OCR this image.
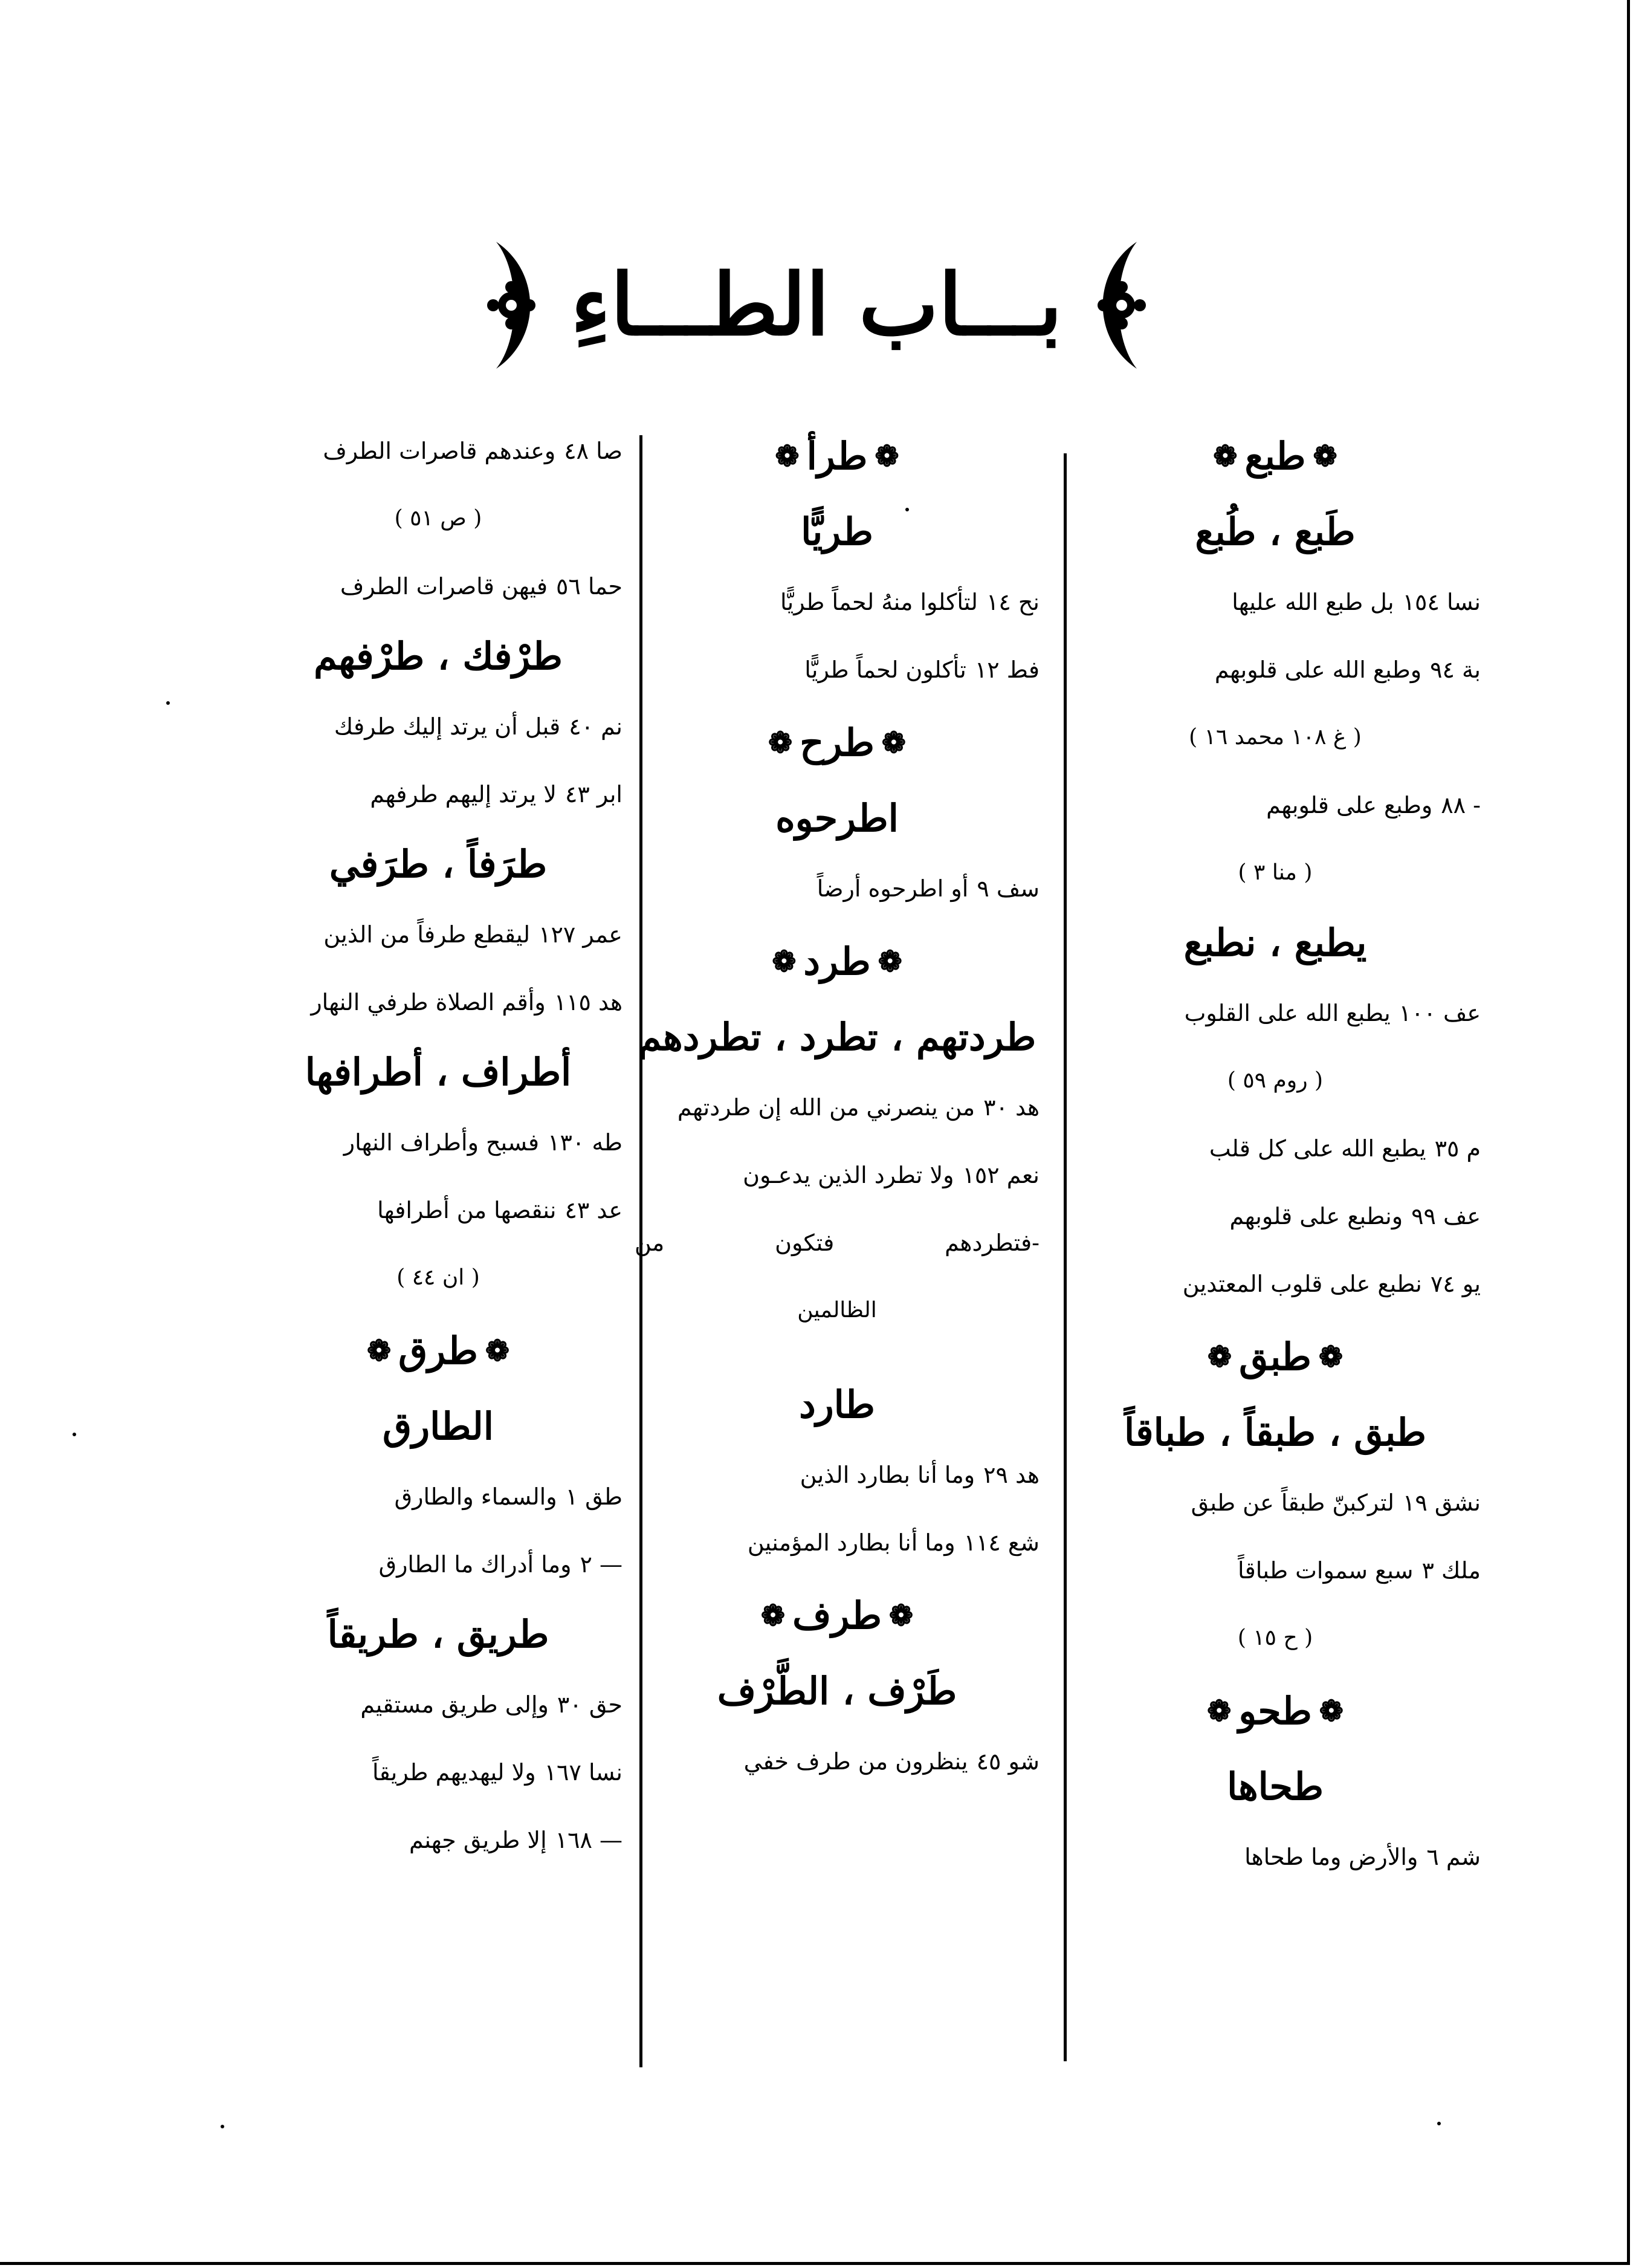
بـــاب الطـــاءِ
❁
طبع
❁
طَبع ، طُبع
نسا ١٥٤
بل طبع الله عليها
بة ٩٤
وطبع الله على قلوبهم
( غ ١٠٨ محمد ١٦ )
- ٨٨
وطبع على قلوبهم
( منا ٣ )
يطبع ، نطبع
عف ١٠٠
يطبع الله على القلوب
( روم ٥٩ )
م ٣٥
يطبع الله على كل قلب
عف ٩٩
ونطبع على قلوبهم
يو ٧٤
نطبع على قلوب المعتدين
❁
طبق
❁
طبق ، طبقاً ، طباقاً
نشق ١٩
لتركبنّ طبقاً عن طبق
ملك ٣
سبع سموات طباقاً
( ح ١٥ )
❁
طحو
❁
طحاها
شم ٦
والأرض وما طحاها
❁
طرأ
❁
طريًّا
نح ١٤
لتأكلوا منهُ لحماً طريًّا
فط ١٢
تأكلون لحماً طريًّا
❁
طرح
❁
اطرحوه
سف ٩
أو اطرحوه أرضاً
❁
طرد
❁
طردتهم ، تطرد ، تطردهم
هد ٣٠
من ينصرني من الله إن طردتهم
نعم ١٥٢
ولا تطرد الذين يدعـون
-فتطردهم فتكون من
الظالمين
طارد
هد ٢٩
وما أنا بطارد الذين
شع ١١٤
وما أنا بطارد المؤمنين
❁
طرف
❁
طَرْف ، الطَّرْف
شو ٤٥
ينظرون من طرف خفي
صا ٤٨
وعندهم قاصرات الطرف
( ص ٥١ )
حما ٥٦
فيهن قاصرات الطرف
طرْفك ، طرْفهم
نم ٤٠
قبل أن يرتد إليك طرفك
ابر ٤٣
لا يرتد إليهم طرفهم
طرَفاً ، طرَفي
عمر ١٢٧
ليقطع طرفاً من الذين
هد ١١٥
وأقم الصلاة طرفي النهار
أطراف ، أطرافها
طه ١٣٠
فسبح وأطراف النهار
عد ٤٣
ننقصها من أطرافها
( ان ٤٤ )
❁
طرق
❁
الطارق
طق ١
والسماء والطارق
— ٢
وما أدراك ما الطارق
طريق ، طريقاً
حق ٣٠
وإلى طريق مستقيم
نسا ١٦٧
ولا ليهديهم طريقاً
— ١٦٨
إلا طريق جهنم
